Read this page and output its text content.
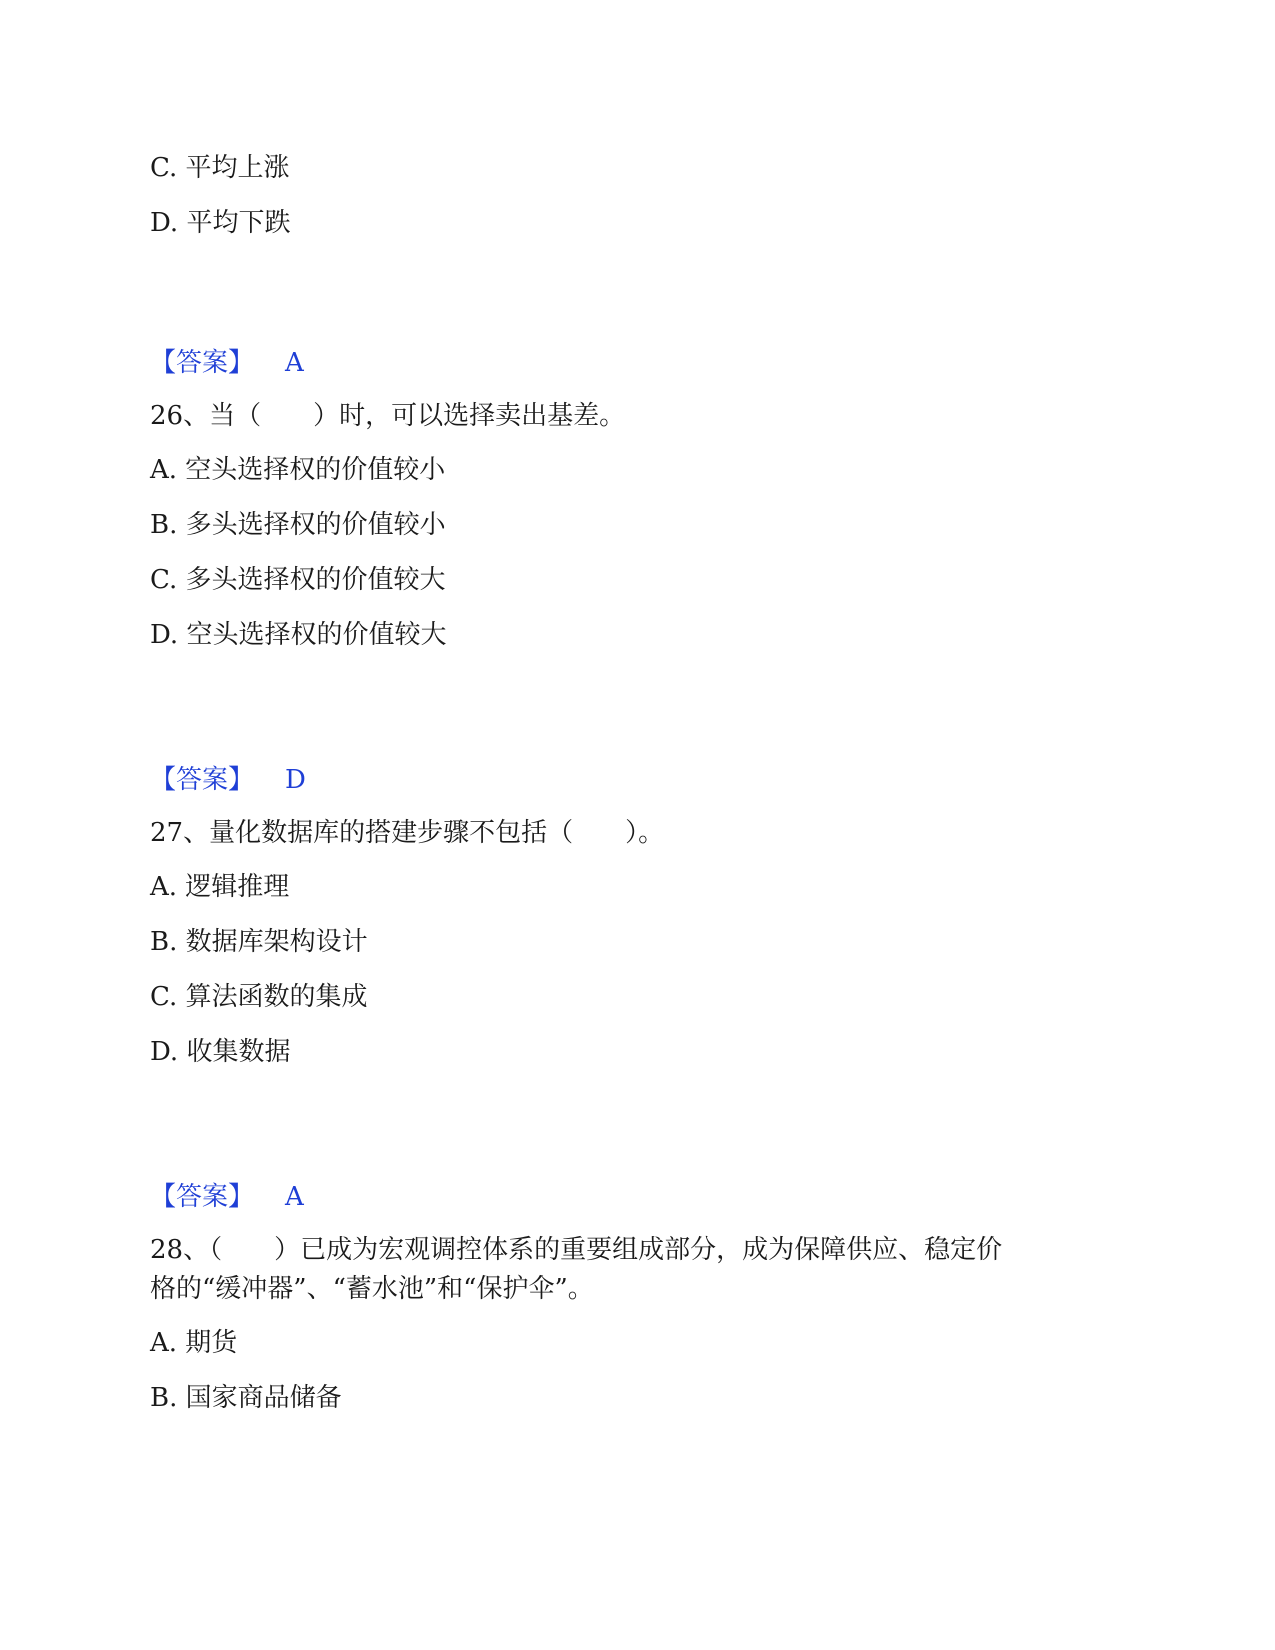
C. 平均上涨
D. 平均下跌
【答案】 A
26、当（　　）时，可以选择卖出基差。
A. 空头选择权的价值较小
B. 多头选择权的价值较小
C. 多头选择权的价值较大
D. 空头选择权的价值较大
【答案】 D
27、量化数据库的搭建步骤不包括（　　）。
A. 逻辑推理
B. 数据库架构设计
C. 算法函数的集成
D. 收集数据
【答案】 A
28、（　　）已成为宏观调控体系的重要组成部分，成为保障供应、稳定价
格的“缓冲器”、“蓄水池”和“保护伞”。
A. 期货
B. 国家商品储备
